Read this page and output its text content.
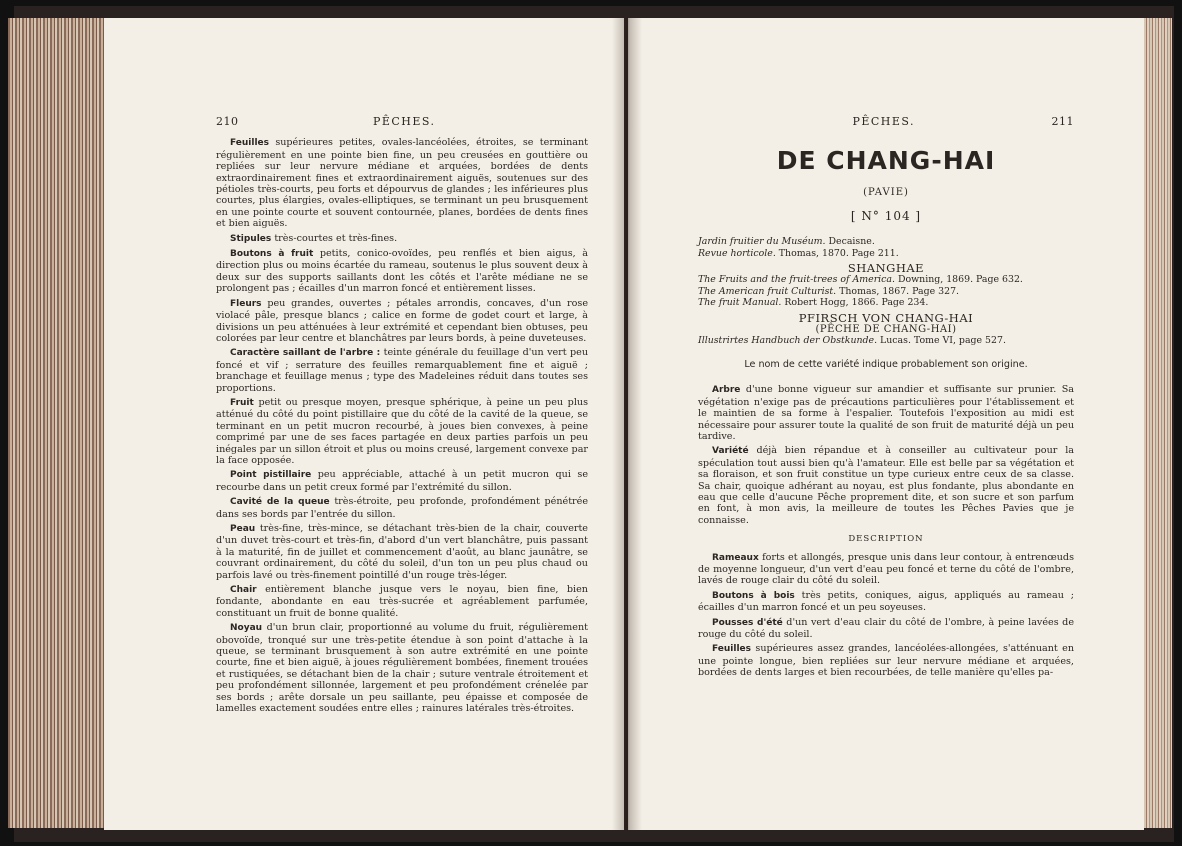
210	PÊCHES.

Feuilles supérieures petites, ovales-lancéolées, étroites, se terminant régulièrement en une pointe bien fine, un peu creusées en gouttière ou repliées sur leur nervure médiane et arquées, bordées de dents extraordinairement fines et extraordinairement aiguës, soutenues sur des pétioles très-courts, peu forts et dépourvus de glandes ; les inférieures plus courtes, plus élargies, ovales-elliptiques, se terminant un peu brusquement en une pointe courte et souvent contournée, planes, bordées de dents fines et bien aiguës.

Stipules très-courtes et très-fines.

Boutons à fruit petits, conico-ovoïdes, peu renflés et bien aigus, à direction plus ou moins écartée du rameau, soutenus le plus souvent deux à deux sur des supports saillants dont les côtés et l'arête médiane ne se prolongent pas ; écailles d'un marron foncé et entièrement lisses.

Fleurs peu grandes, ouvertes ; pétales arrondis, concaves, d'un rose violacé pâle, presque blancs ; calice en forme de godet court et large, à divisions un peu atténuées à leur extrémité et cependant bien obtuses, peu colorées par leur centre et blanchâtres par leurs bords, à peine duveteuses.

Caractère saillant de l'arbre : teinte générale du feuillage d'un vert peu foncé et vif ; serrature des feuilles remarquablement fine et aiguë ; branchage et feuillage menus ; type des Madeleines réduit dans toutes ses proportions.

Fruit petit ou presque moyen, presque sphérique, à peine un peu plus atténué du côté du point pistillaire que du côté de la cavité de la queue, se terminant en un petit mucron recourbé, à joues bien convexes, à peine comprimé par une de ses faces partagée en deux parties parfois un peu inégales par un sillon étroit et plus ou moins creusé, largement convexe par la face opposée.

Point pistillaire peu appréciable, attaché à un petit mucron qui se recourbe dans un petit creux formé par l'extrémité du sillon.

Cavité de la queue très-étroite, peu profonde, profondément pénétrée dans ses bords par l'entrée du sillon.

Peau très-fine, très-mince, se détachant très-bien de la chair, couverte d'un duvet très-court et très-fin, d'abord d'un vert blanchâtre, puis passant à la maturité, fin de juillet et commencement d'août, au blanc jaunâtre, se couvrant ordinairement, du côté du soleil, d'un ton un peu plus chaud ou parfois lavé ou très-finement pointillé d'un rouge très-léger.

Chair entièrement blanche jusque vers le noyau, bien fine, bien fondante, abondante en eau très-sucrée et agréablement parfumée, constituant un fruit de bonne qualité.

Noyau d'un brun clair, proportionné au volume du fruit, régulièrement obovoïde, tronqué sur une très-petite étendue à son point d'attache à la queue, se terminant brusquement à son autre extrémité en une pointe courte, fine et bien aiguë, à joues régulièrement bombées, finement trouées et rustiquées, se détachant bien de la chair ; suture ventrale étroitement et peu profondément sillonnée, largement et peu profondément crénelée par ses bords ; arête dorsale un peu saillante, peu épaisse et composée de lamelles exactement soudées entre elles ; rainures latérales très-étroites.

PÊCHES.	211
DE CHANG-HAI
(PAVIE)
[ N° 104 ]

Jardin fruitier du Muséum. Decaisne.

Revue horticole. Thomas, 1870. Page 211.

SHANGHAE

The Fruits and the fruit-trees of America. Downing, 1869. Page 632.

The American fruit Culturist. Thomas, 1867. Page 327.

The fruit Manual. Robert Hogg, 1866. Page 234.

PFIRSCH VON CHANG-HAI
(PÊCHE DE CHANG-HAI)

Illustrirtes Handbuch der Obstkunde. Lucas. Tome VI, page 527.

Le nom de cette variété indique probablement son origine.

Arbre d'une bonne vigueur sur amandier et suffisante sur prunier. Sa végétation n'exige pas de précautions particulières pour l'établissement et le maintien de sa forme à l'espalier. Toutefois l'exposition au midi est nécessaire pour assurer toute la qualité de son fruit de maturité déjà un peu tardive.

Variété déjà bien répandue et à conseiller au cultivateur pour la spéculation tout aussi bien qu'à l'amateur. Elle est belle par sa végétation et sa floraison, et son fruit constitue un type curieux entre ceux de sa classe. Sa chair, quoique adhérant au noyau, est plus fondante, plus abondante en eau que celle d'aucune Pêche proprement dite, et son sucre et son parfum en font, à mon avis, la meilleure de toutes les Pêches Pavies que je connaisse.

DESCRIPTION

Rameaux forts et allongés, presque unis dans leur contour, à entrenœuds de moyenne longueur, d'un vert d'eau peu foncé et terne du côté de l'ombre, lavés de rouge clair du côté du soleil.

Boutons à bois très petits, coniques, aigus, appliqués au rameau ; écailles d'un marron foncé et un peu soyeuses.

Pousses d'été d'un vert d'eau clair du côté de l'ombre, à peine lavées de rouge du côté du soleil.

Feuilles supérieures assez grandes, lancéolées-allongées, s'atténuant en une pointe longue, bien repliées sur leur nervure médiane et arquées, bordées de dents larges et bien recourbées, de telle manière qu'elles pa-
